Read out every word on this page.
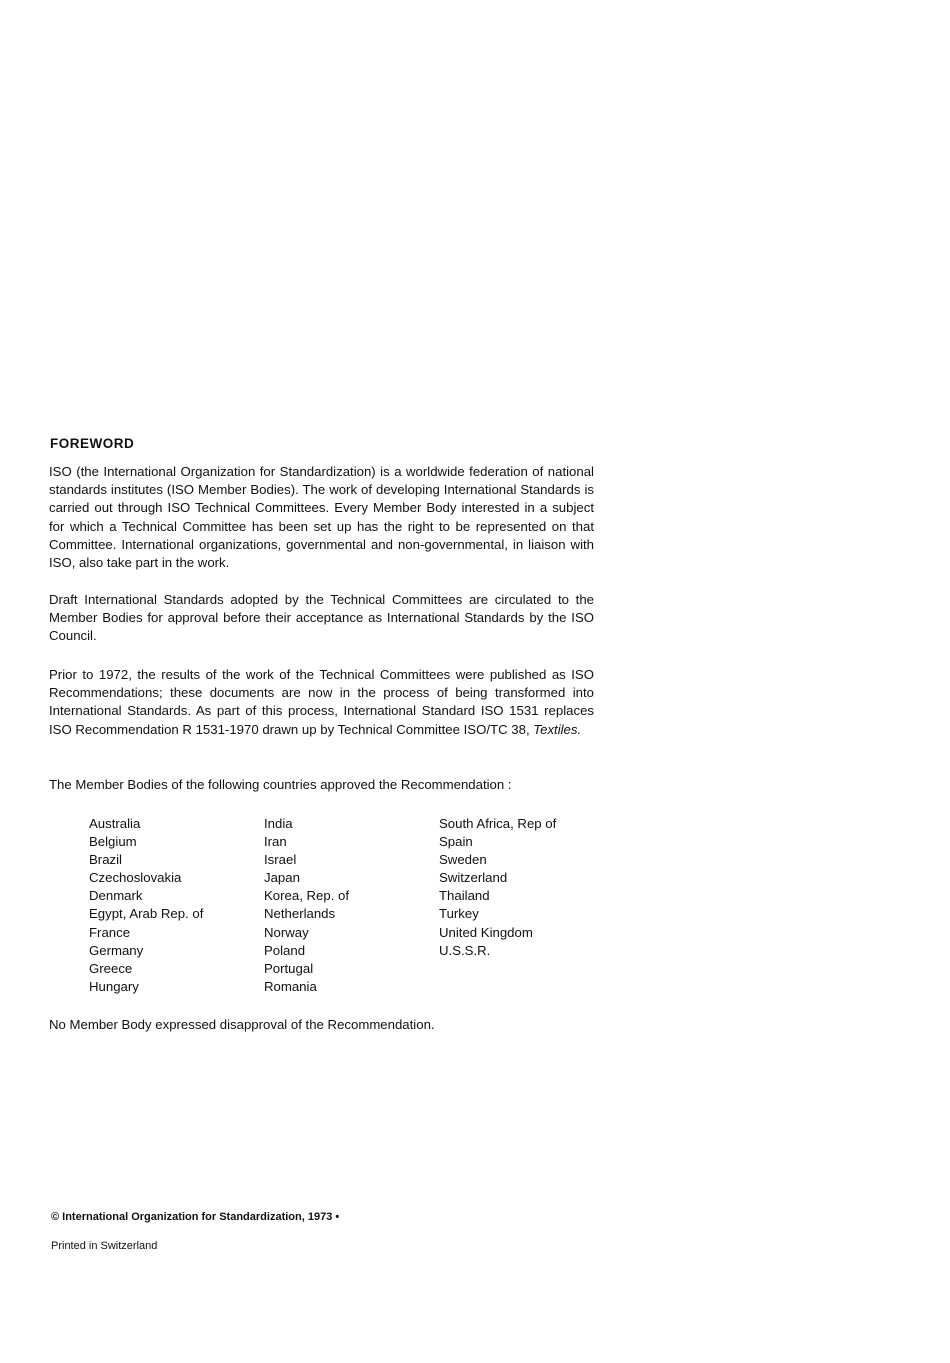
FOREWORD
ISO (the International Organization for Standardization) is a worldwide federation of national standards institutes (ISO Member Bodies). The work of developing International Standards is carried out through ISO Technical Committees. Every Member Body interested in a subject for which a Technical Committee has been set up has the right to be represented on that Committee. International organizations, governmental and non-governmental, in liaison with ISO, also take part in the work.
Draft International Standards adopted by the Technical Committees are circulated to the Member Bodies for approval before their acceptance as International Standards by the ISO Council.
Prior to 1972, the results of the work of the Technical Committees were published as ISO Recommendations; these documents are now in the process of being transformed into International Standards. As part of this process, International Standard ISO 1531 replaces ISO Recommendation R 1531-1970 drawn up by Technical Committee ISO/TC 38, Textiles.
The Member Bodies of the following countries approved the Recommendation :
Australia
Belgium
Brazil
Czechoslovakia
Denmark
Egypt, Arab Rep. of
France
Germany
Greece
Hungary
India
Iran
Israel
Japan
Korea, Rep. of
Netherlands
Norway
Poland
Portugal
Romania
South Africa, Rep of
Spain
Sweden
Switzerland
Thailand
Turkey
United Kingdom
U.S.S.R.
No Member Body expressed disapproval of the Recommendation.
© International Organization for Standardization, 1973 •
Printed in Switzerland
